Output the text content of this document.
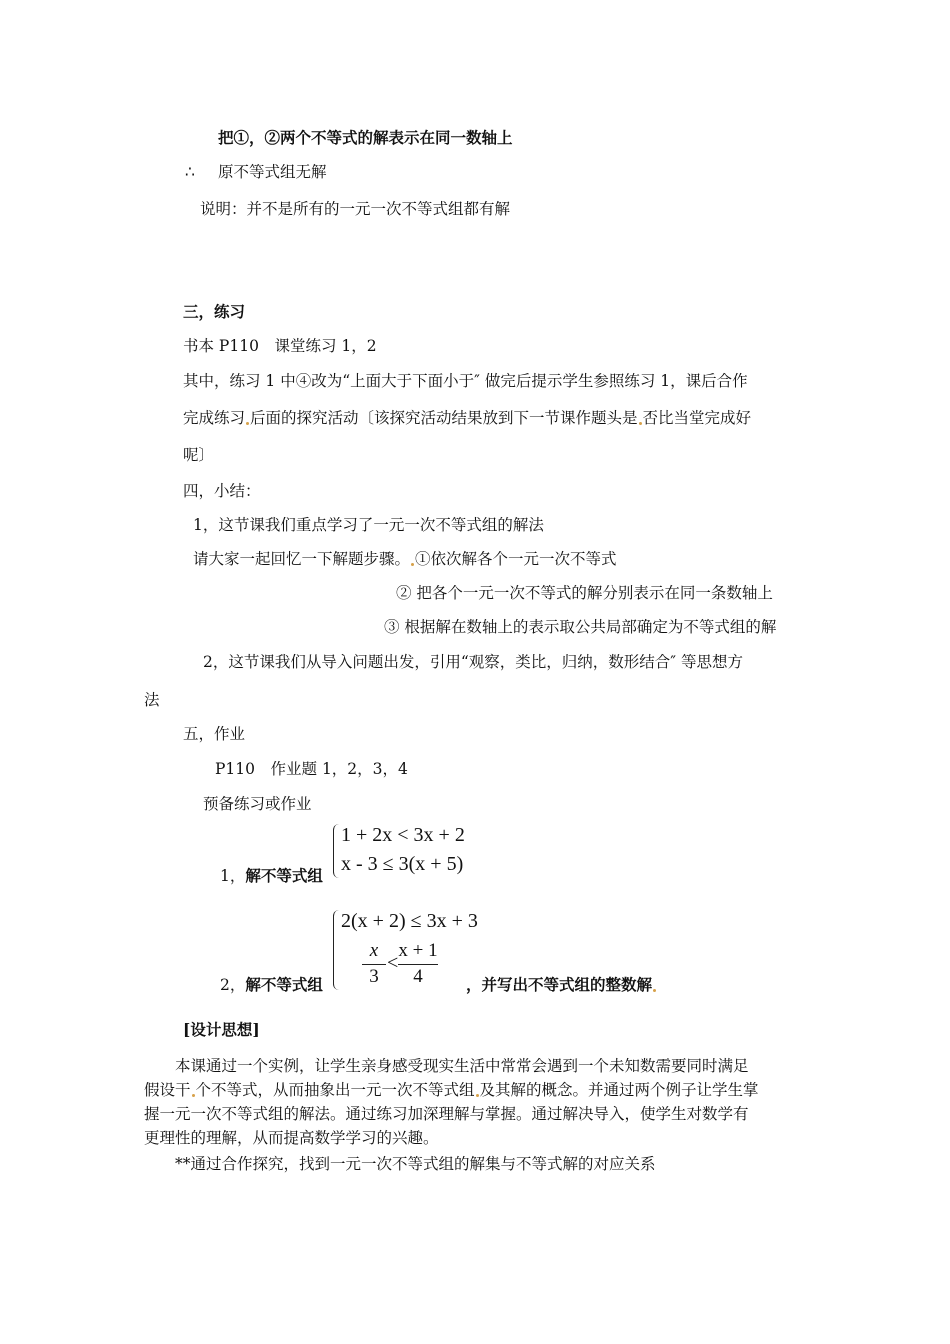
把①，②两个不等式的解表示在同一数轴上
∴ 原不等式组无解
说明：并不是所有的一元一次不等式组都有解
三，练习
书本 P110　课堂练习 1，2
其中，练习 1 中④改为“上面大于下面小于″ 做完后提示学生参照练习 1，课后合作
完成练习 后面的探究活动〔该探究活动结果放到下一节课作题头是 否比当堂完成好
呢〕
四，小结：
1，这节课我们重点学习了一元一次不等式组的解法
请大家一起回忆一下解题步骤。 ①依次解各个一元一次不等式
② 把各个一元一次不等式的解分别表示在同一条数轴上
③ 根据解在数轴上的表示取公共局部确定为不等式组的解
2，这节课我们从导入问题出发，引用“观察，类比，归纳，数形结合″ 等思想方
法
五，作业
P110　作业题 1，2，3，4
预备练习或作业
1，解不等式组
1 + 2x < 3x + 2
x - 3 ≤ 3(x + 5)
2，解不等式组
2(x + 2) ≤ 3x + 3
x
3
<
x + 1
4	，并写出不等式组的整数解
[设计思想]
本课通过一个实例，让学生亲身感受现实生活中常常会遇到一个未知数需要同时满足
假设干 个不等式，从而抽象出一元一次不等式组 及其解的概念。并通过两个例子让学生掌
握一元一次不等式组的解法。通过练习加深理解与掌握。通过解决导入，使学生对数学有
更理性的理解，从而提高数学学习的兴趣。
**通过合作探究，找到一元一次不等式组的解集与不等式解的对应关系
